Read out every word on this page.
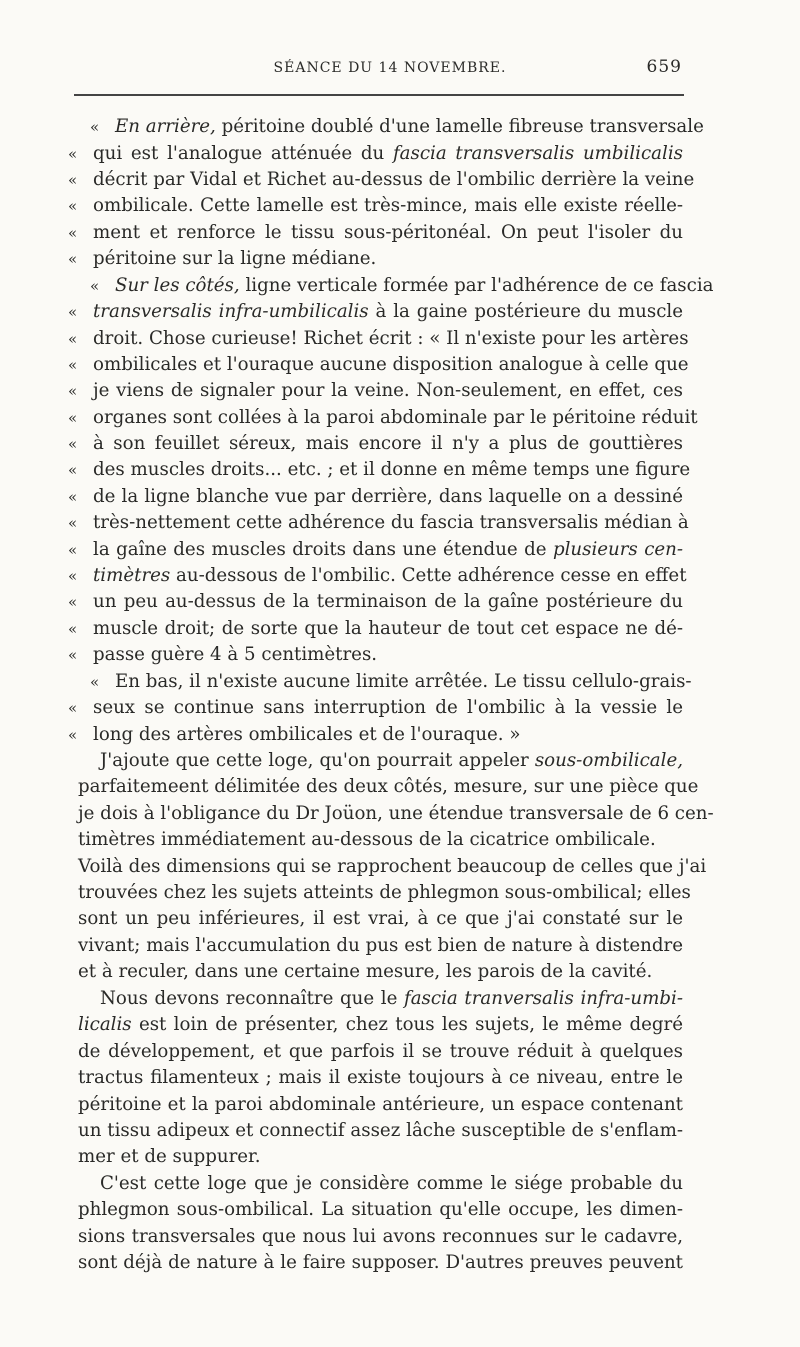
SÉANCE DU 14 NOVEMBRE.	659
« En arrière, péritoine doublé d'une lamelle fibreuse transversale
« qui est l'analogue atténuée du fascia transversalis umbilicalis
« décrit par Vidal et Richet au-dessus de l'ombilic derrière la veine
« ombilicale. Cette lamelle est très-mince, mais elle existe réelle-
« ment et renforce le tissu sous-péritonéal. On peut l'isoler du
« péritoine sur la ligne médiane.
« Sur les côtés, ligne verticale formée par l'adhérence de ce fascia
« transversalis infra-umbilicalis à la gaine postérieure du muscle
« droit. Chose curieuse! Richet écrit : « Il n'existe pour les artères
« ombilicales et l'ouraque aucune disposition analogue à celle que
« je viens de signaler pour la veine. Non-seulement, en effet, ces
« organes sont collées à la paroi abdominale par le péritoine réduit
« à son feuillet séreux, mais encore il n'y a plus de gouttières
« des muscles droits... etc. ; et il donne en même temps une figure
« de la ligne blanche vue par derrière, dans laquelle on a dessiné
« très-nettement cette adhérence du fascia transversalis médian à
« la gaîne des muscles droits dans une étendue de plusieurs cen-
« timètres au-dessous de l'ombilic. Cette adhérence cesse en effet
« un peu au-dessus de la terminaison de la gaîne postérieure du
« muscle droit; de sorte que la hauteur de tout cet espace ne dé-
« passe guère 4 à 5 centimètres.
« En bas, il n'existe aucune limite arrêtée. Le tissu cellulo-grais-
« seux se continue sans interruption de l'ombilic à la vessie le
« long des artères ombilicales et de l'ouraque. »
J'ajoute que cette loge, qu'on pourrait appeler sous-ombilicale,
parfaitemeent délimitée des deux côtés, mesure, sur une pièce que
je dois à l'obligance du Dr Joüon, une étendue transversale de 6 cen-
timètres immédiatement au-dessous de la cicatrice ombilicale.
Voilà des dimensions qui se rapprochent beaucoup de celles que j'ai
trouvées chez les sujets atteints de phlegmon sous-ombilical; elles
sont un peu inférieures, il est vrai, à ce que j'ai constaté sur le
vivant; mais l'accumulation du pus est bien de nature à distendre
et à reculer, dans une certaine mesure, les parois de la cavité.
Nous devons reconnaître que le fascia tranversalis infra-umbi-
licalis est loin de présenter, chez tous les sujets, le même degré
de développement, et que parfois il se trouve réduit à quelques
tractus filamenteux ; mais il existe toujours à ce niveau, entre le
péritoine et la paroi abdominale antérieure, un espace contenant
un tissu adipeux et connectif assez lâche susceptible de s'enflam-
mer et de suppurer.
C'est cette loge que je considère comme le siége probable du
phlegmon sous-ombilical. La situation qu'elle occupe, les dimen-
sions transversales que nous lui avons reconnues sur le cadavre,
sont déjà de nature à le faire supposer. D'autres preuves peuvent
